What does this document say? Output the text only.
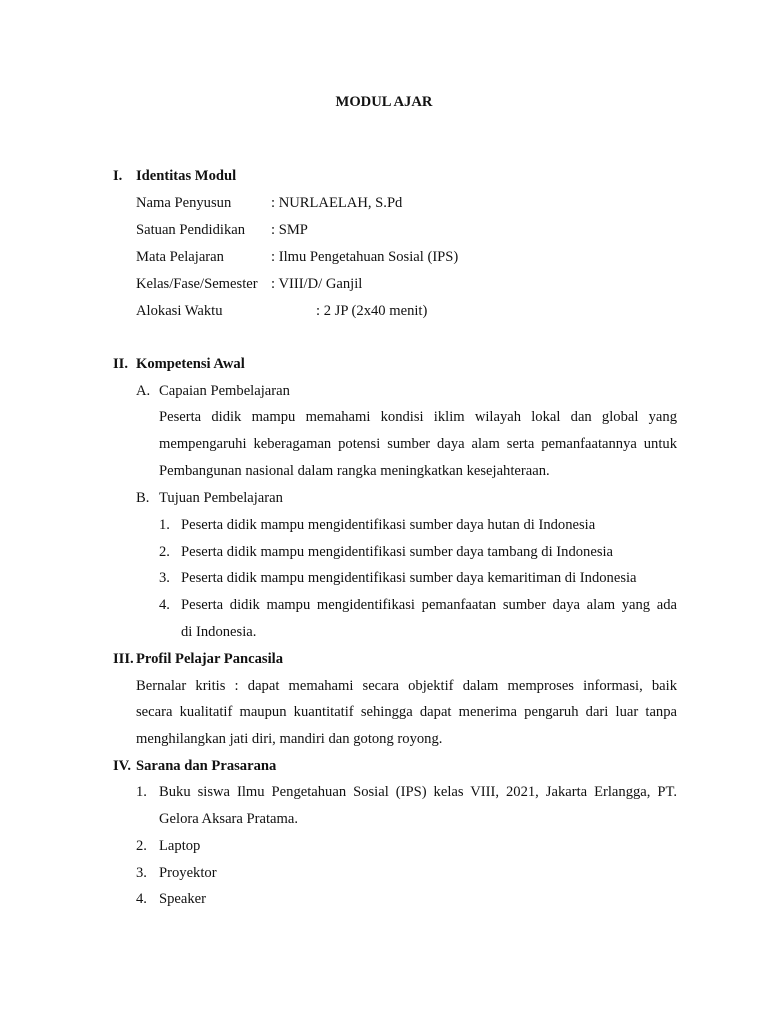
MODUL AJAR
I. Identitas Modul
Nama Penyusun	: NURLAELAH, S.Pd
Satuan Pendidikan : SMP
Mata Pelajaran	: Ilmu Pengetahuan Sosial (IPS)
Kelas/Fase/Semester : VIII/D/ Ganjil
Alokasi Waktu	: 2 JP (2x40 menit)
II. Kompetensi Awal
A. Capaian Pembelajaran
Peserta didik mampu memahami kondisi iklim wilayah lokal dan global yang
mempengaruhi keberagaman potensi sumber daya alam serta pemanfaatannya untuk
Pembangunan nasional dalam rangka meningkatkan kesejahteraan.
B. Tujuan Pembelajaran
1. Peserta didik mampu mengidentifikasi sumber daya hutan di Indonesia
2. Peserta didik mampu mengidentifikasi sumber daya tambang di Indonesia
3. Peserta didik mampu mengidentifikasi sumber daya kemaritiman di Indonesia
4. Peserta didik mampu mengidentifikasi pemanfaatan sumber daya alam yang ada
di Indonesia.
III. Profil Pelajar Pancasila
Bernalar kritis : dapat memahami secara objektif dalam memproses informasi, baik
secara kualitatif maupun kuantitatif sehingga dapat menerima pengaruh dari luar tanpa
menghilangkan jati diri, mandiri dan gotong royong.
IV. Sarana dan Prasarana
1. Buku siswa Ilmu Pengetahuan Sosial (IPS) kelas VIII, 2021, Jakarta Erlangga, PT.
Gelora Aksara Pratama.
2. Laptop
3. Proyektor
4. Speaker
